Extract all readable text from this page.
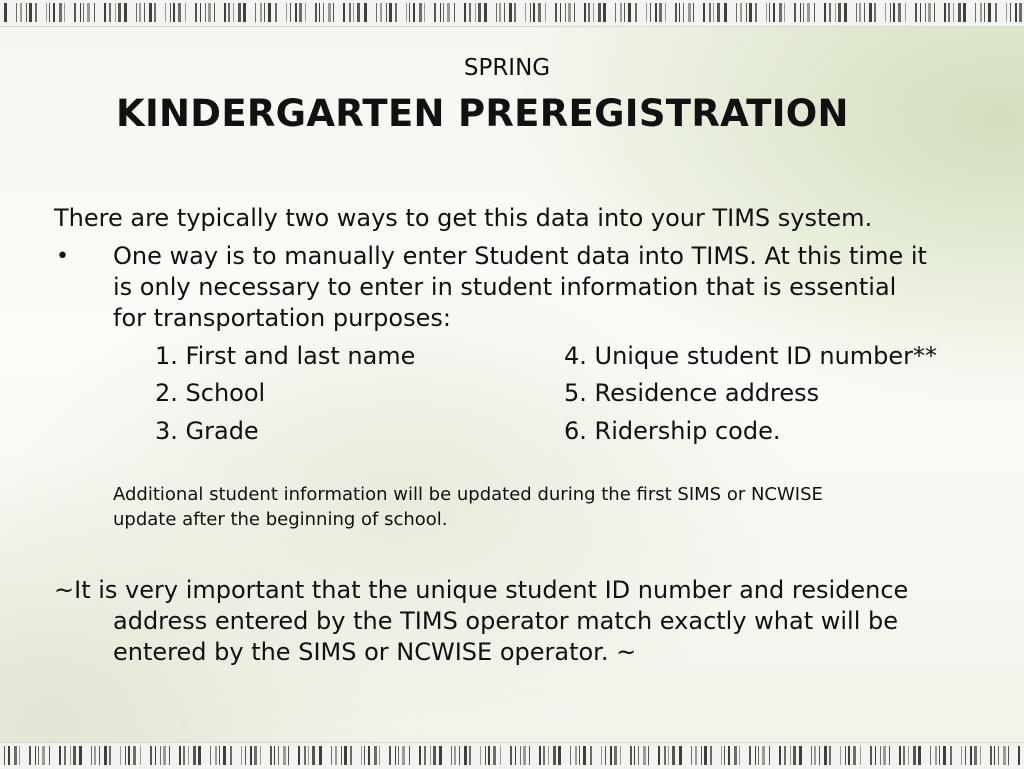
SPRING
KINDERGARTEN PREREGISTRATION
There are typically two ways to get this data into your TIMS system.
• One way is to manually enter Student data into TIMS. At this time it
is only necessary to enter in student information that is essential
for transportation purposes:
1. First and last name
2. School
3. Grade
4. Unique student ID number**
5. Residence address
6. Ridership code.
Additional student information will be updated during the first SIMS or NCWISE
update after the beginning of school.
~It is very important that the unique student ID number and residence
address entered by the TIMS operator match exactly what will be
entered by the SIMS or NCWISE operator. ~
